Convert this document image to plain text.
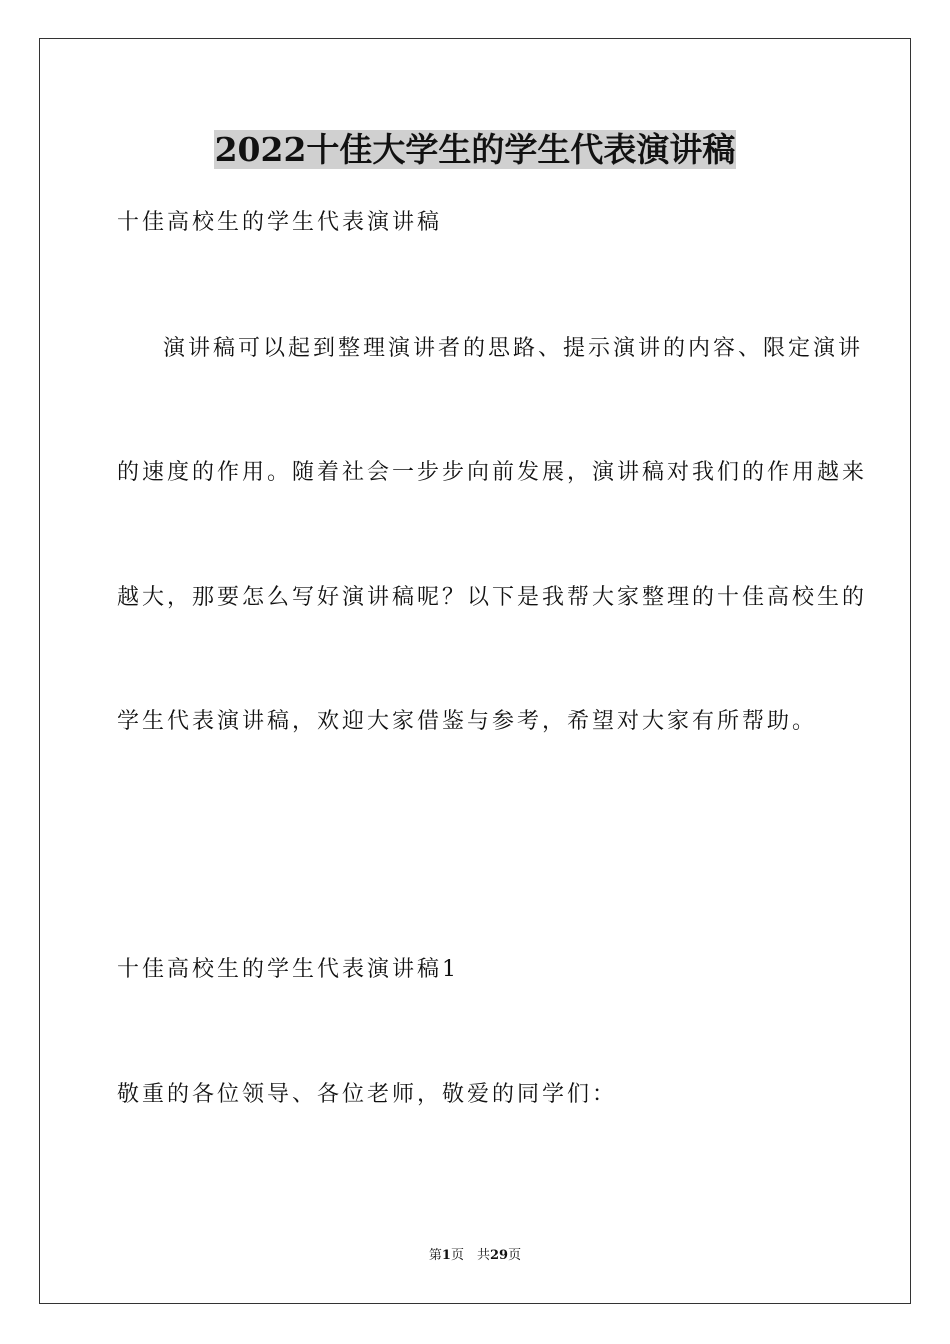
2022十佳大学生的学生代表演讲稿
十佳高校生的学生代表演讲稿
演讲稿可以起到整理演讲者的思路、提示演讲的内容、限定演讲
的速度的作用。随着社会一步步向前发展，演讲稿对我们的作用越来
越大，那要怎么写好演讲稿呢？以下是我帮大家整理的十佳高校生的
学生代表演讲稿，欢迎大家借鉴与参考，希望对大家有所帮助。
十佳高校生的学生代表演讲稿1
敬重的各位领导、各位老师，敬爱的同学们：
第1页　共29页
